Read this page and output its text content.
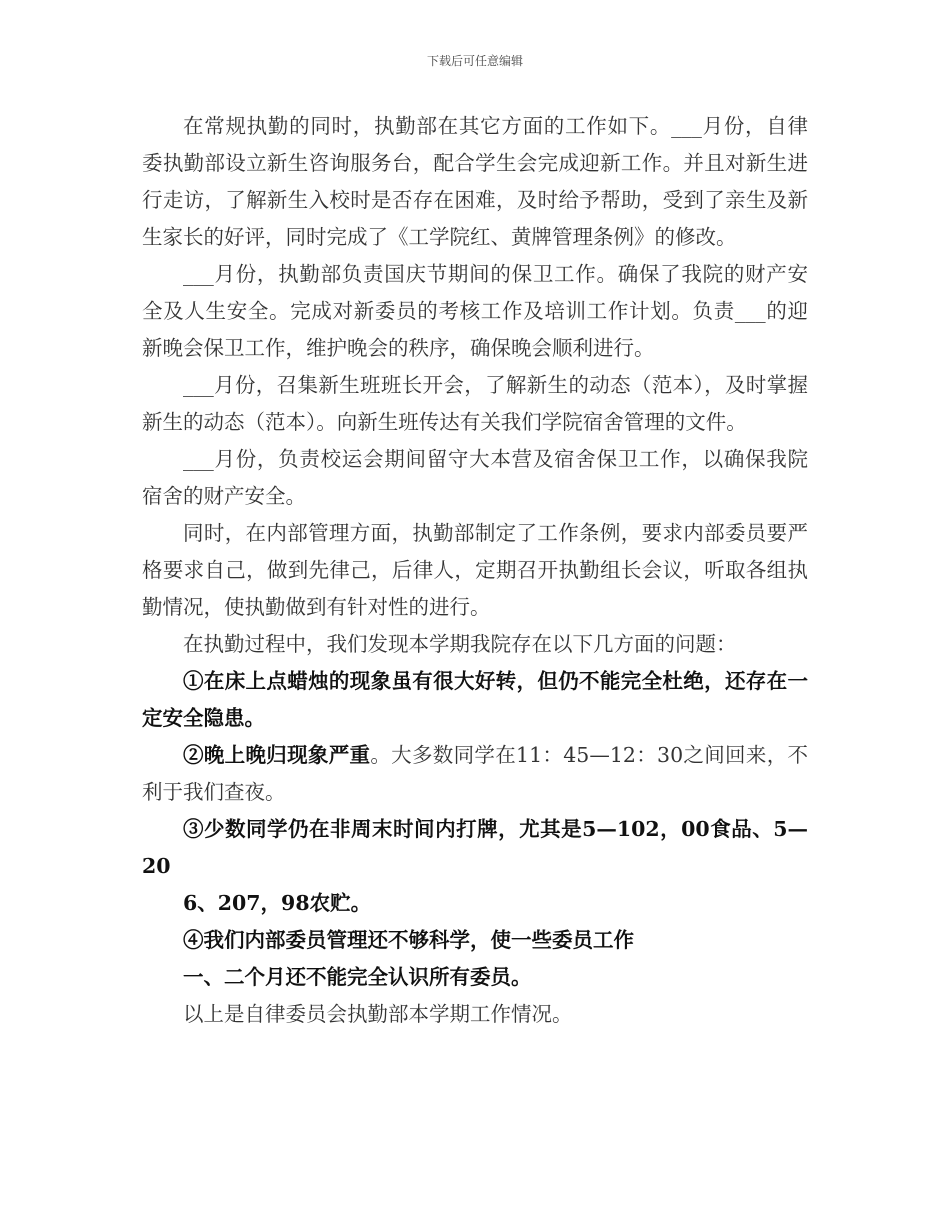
下载后可任意编辑

在常规执勤的同时，执勤部在其它方面的工作如下。___月份，自律委执勤部设立新生咨询服务台，配合学生会完成迎新工作。并且对新生进行走访，了解新生入校时是否存在困难，及时给予帮助，受到了亲生及新生家长的好评，同时完成了《工学院红、黄牌管理条例》的修改。

___月份，执勤部负责国庆节期间的保卫工作。确保了我院的财产安全及人生安全。完成对新委员的考核工作及培训工作计划。负责___的迎新晚会保卫工作，维护晚会的秩序，确保晚会顺利进行。

___月份，召集新生班班长开会，了解新生的动态（范本），及时掌握新生的动态（范本）。向新生班传达有关我们学院宿舍管理的文件。

___月份，负责校运会期间留守大本营及宿舍保卫工作，以确保我院宿舍的财产安全。

同时，在内部管理方面，执勤部制定了工作条例，要求内部委员要严格要求自己，做到先律己，后律人，定期召开执勤组长会议，听取各组执勤情况，使执勤做到有针对性的进行。

在执勤过程中，我们发现本学期我院存在以下几方面的问题：

①在床上点蜡烛的现象虽有很大好转，但仍不能完全杜绝，还存在一定安全隐患。

②晚上晚归现象严重。大多数同学在11：45—12：30之间回来，不利于我们查夜。

③少数同学仍在非周末时间内打牌，尤其是5—102，00食品、5—20

6、207，98农贮。

④我们内部委员管理还不够科学，使一些委员工作

一、二个月还不能完全认识所有委员。

以上是自律委员会执勤部本学期工作情况。
